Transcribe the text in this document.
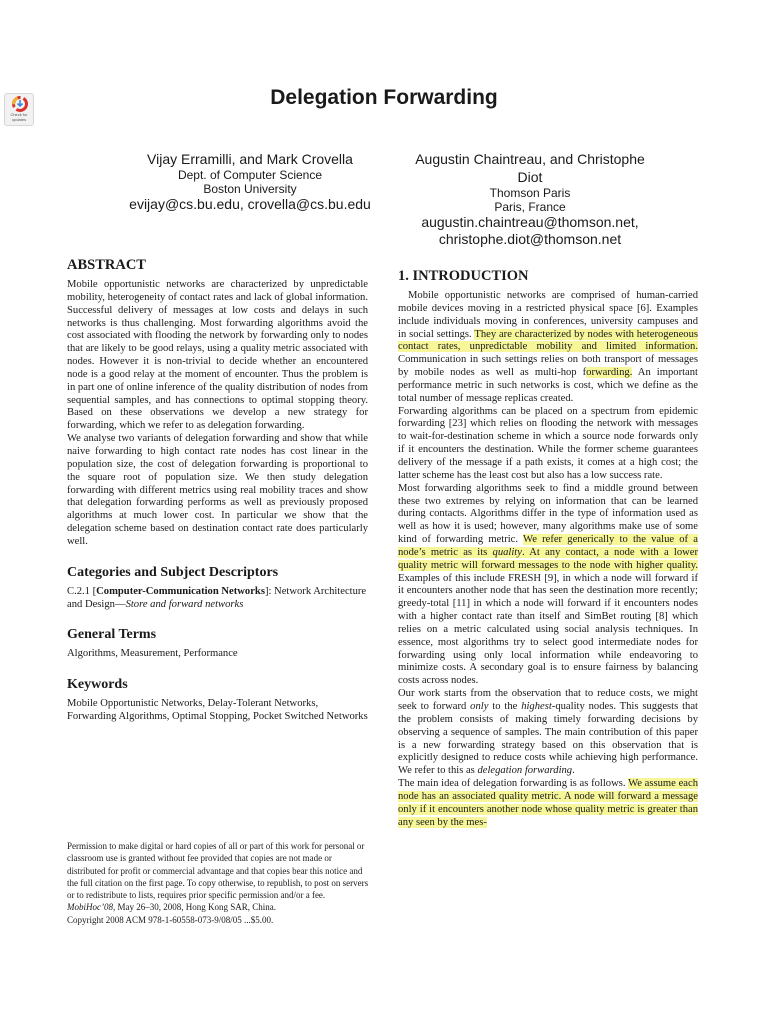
Check for updates
Delegation Forwarding
Vijay Erramilli, and Mark Crovella
Dept. of Computer Science
Boston University
evijay@cs.bu.edu, crovella@cs.bu.edu
Augustin Chaintreau, and Christophe
Diot
Thomson Paris
Paris, France
augustin.chaintreau@thomson.net,
christophe.diot@thomson.net
ABSTRACT

Mobile opportunistic networks are characterized by unpredictable mobility, heterogeneity of contact rates and lack of global information. Successful delivery of messages at low costs and delays in such networks is thus challenging. Most forwarding algorithms avoid the cost associated with flooding the network by forwarding only to nodes that are likely to be good relays, using a quality metric associated with nodes. However it is non-trivial to decide whether an encountered node is a good relay at the moment of encounter. Thus the problem is in part one of online inference of the quality distribution of nodes from sequential samples, and has connections to optimal stopping theory. Based on these observations we develop a new strategy for forwarding, which we refer to as delegation forwarding.

We analyse two variants of delegation forwarding and show that while naive forwarding to high contact rate nodes has cost linear in the population size, the cost of delegation forwarding is proportional to the square root of population size. We then study delegation forwarding with different metrics using real mobility traces and show that delegation forwarding performs as well as previously proposed algorithms at much lower cost. In particular we show that the delegation scheme based on destination contact rate does particularly well.

Categories and Subject Descriptors

C.2.1 [Computer-Communication Networks]: Network Architecture and Design—Store and forward networks

General Terms

Algorithms, Measurement, Performance

Keywords

Mobile Opportunistic Networks, Delay-Tolerant Networks, Forwarding Algorithms, Optimal Stopping, Pocket Switched Networks

Permission to make digital or hard copies of all or part of this work for personal or classroom use is granted without fee provided that copies are not made or distributed for profit or commercial advantage and that copies bear this notice and the full citation on the first page. To copy otherwise, to republish, to post on servers or to redistribute to lists, requires prior specific permission and/or a fee.

MobiHoc’08, May 26–30, 2008, Hong Kong SAR, China.

Copyright 2008 ACM 978-1-60558-073-9/08/05 ...$5.00.

1. INTRODUCTION

Mobile opportunistic networks are comprised of human-carried mobile devices moving in a restricted physical space [6]. Examples include individuals moving in conferences, university campuses and in social settings. They are characterized by nodes with heterogeneous contact rates, unpredictable mobility and limited information. Communication in such settings relies on both transport of messages by mobile nodes as well as multi-hop forwarding. An important performance metric in such networks is cost, which we define as the total number of message replicas created.

Forwarding algorithms can be placed on a spectrum from epidemic forwarding [23] which relies on flooding the network with messages to wait-for-destination scheme in which a source node forwards only if it encounters the destination. While the former scheme guarantees delivery of the message if a path exists, it comes at a high cost; the latter scheme has the least cost but also has a low success rate.

Most forwarding algorithms seek to find a middle ground between these two extremes by relying on information that can be learned during contacts. Algorithms differ in the type of information used as well as how it is used; however, many algorithms make use of some kind of forwarding metric. We refer generically to the value of a node’s metric as its quality. At any contact, a node with a lower quality metric will forward messages to the node with higher quality. Examples of this include FRESH [9], in which a node will forward if it encounters another node that has seen the destination more recently; greedy-total [11] in which a node will forward if it encounters nodes with a higher contact rate than itself and SimBet routing [8] which relies on a metric calculated using social analysis techniques. In essence, most algorithms try to select good intermediate nodes for forwarding using only local information while endeavoring to minimize costs. A secondary goal is to ensure fairness by balancing costs across nodes.

Our work starts from the observation that to reduce costs, we might seek to forward only to the highest-quality nodes. This suggests that the problem consists of making timely forwarding decisions by observing a sequence of samples. The main contribution of this paper is a new forwarding strategy based on this observation that is explicitly designed to reduce costs while achieving high performance. We refer to this as delegation forwarding.

The main idea of delegation forwarding is as follows. We assume each node has an associated quality metric. A node will forward a message only if it encounters another node whose quality metric is greater than any seen by the mes-
